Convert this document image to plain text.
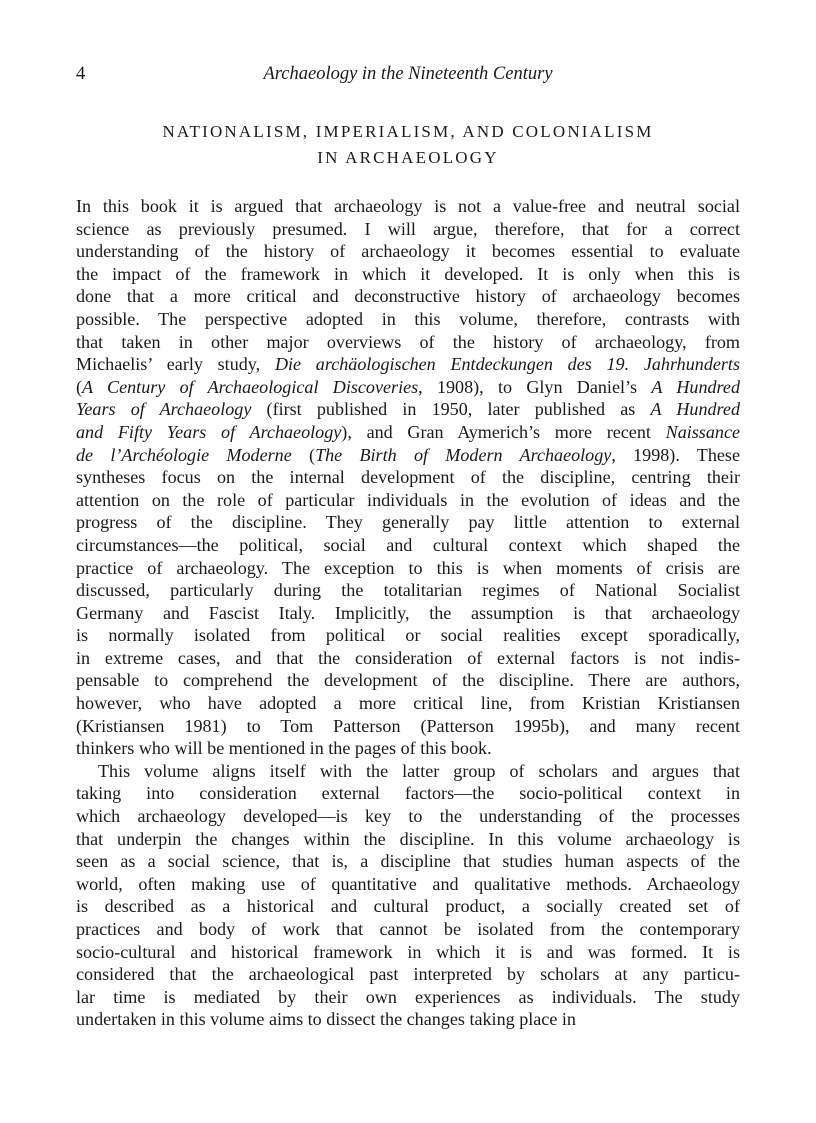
4	Archaeology in the Nineteenth Century
NATIONALISM, IMPERIALISM, AND COLONIALISM
IN ARCHAEOLOGY
In this book it is argued that archaeology is not a value-free and neutral social
science as previously presumed. I will argue, therefore, that for a correct
understanding of the history of archaeology it becomes essential to evaluate
the impact of the framework in which it developed. It is only when this is
done that a more critical and deconstructive history of archaeology becomes
possible. The perspective adopted in this volume, therefore, contrasts with
that taken in other major overviews of the history of archaeology, from
Michaelis’ early study, Die archäologischen Entdeckungen des 19. Jahrhunderts
(A Century of Archaeological Discoveries, 1908), to Glyn Daniel’s A Hundred
Years of Archaeology (first published in 1950, later published as A Hundred
and Fifty Years of Archaeology), and Gran Aymerich’s more recent Naissance
de l’Archéologie Moderne (The Birth of Modern Archaeology, 1998). These
syntheses focus on the internal development of the discipline, centring their
attention on the role of particular individuals in the evolution of ideas and the
progress of the discipline. They generally pay little attention to external
circumstances—the political, social and cultural context which shaped the
practice of archaeology. The exception to this is when moments of crisis are
discussed, particularly during the totalitarian regimes of National Socialist
Germany and Fascist Italy. Implicitly, the assumption is that archaeology
is normally isolated from political or social realities except sporadically,
in extreme cases, and that the consideration of external factors is not indis-
pensable to comprehend the development of the discipline. There are authors,
however, who have adopted a more critical line, from Kristian Kristiansen
(Kristiansen 1981) to Tom Patterson (Patterson 1995b), and many recent
thinkers who will be mentioned in the pages of this book.
This volume aligns itself with the latter group of scholars and argues that
taking into consideration external factors—the socio-political context in
which archaeology developed—is key to the understanding of the processes
that underpin the changes within the discipline. In this volume archaeology is
seen as a social science, that is, a discipline that studies human aspects of the
world, often making use of quantitative and qualitative methods. Archaeology
is described as a historical and cultural product, a socially created set of
practices and body of work that cannot be isolated from the contemporary
socio-cultural and historical framework in which it is and was formed. It is
considered that the archaeological past interpreted by scholars at any particu-
lar time is mediated by their own experiences as individuals. The study
undertaken in this volume aims to dissect the changes taking place in
